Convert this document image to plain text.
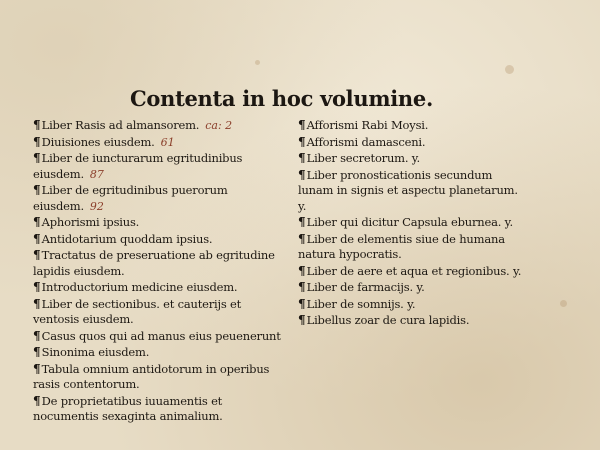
Contenta in hoc volumine.
¶ Liber Rasis ad almansorem. ca: 2
¶ Diuisiones eiusdem. 61
¶ Liber de iuncturarum egritudinibus eiusdem. 87
¶ Liber de egritudinibus puerorum eiusdem. 92
¶ Aphorismi ipsius.
¶ Antidotarium quoddam ipsius.
¶ Tractatus de preseruatione ab egritudine lapidis eiusdem.
¶ Introductorium medicine eiusdem.
¶ Liber de sectionibus. et cauterijs et ventosis eiusdem.
¶ Casus quos qui ad manus eius peuenerunt
¶ Sinonima eiusdem.
¶ Tabula omnium antidotorum in operibus rasis contentorum.
¶ De proprietatibus iuuamentis et nocumentis sexaginta animalium.
¶ Afforismi Rabi Moysi.
¶ Afforismi damasceni.
¶ Liber secretorum. y.
¶ Liber pronosticationis secundum lunam in signis et aspectu planetarum. y.
¶ Liber qui dicitur Capsula eburnea. y.
¶ Liber de elementis siue de humana natura hypocratis.
¶ Liber de aere et aqua et regionibus. y.
¶ Liber de farmacijs. y.
¶ Liber de somnijs. y.
¶ Libellus zoar de cura lapidis.
